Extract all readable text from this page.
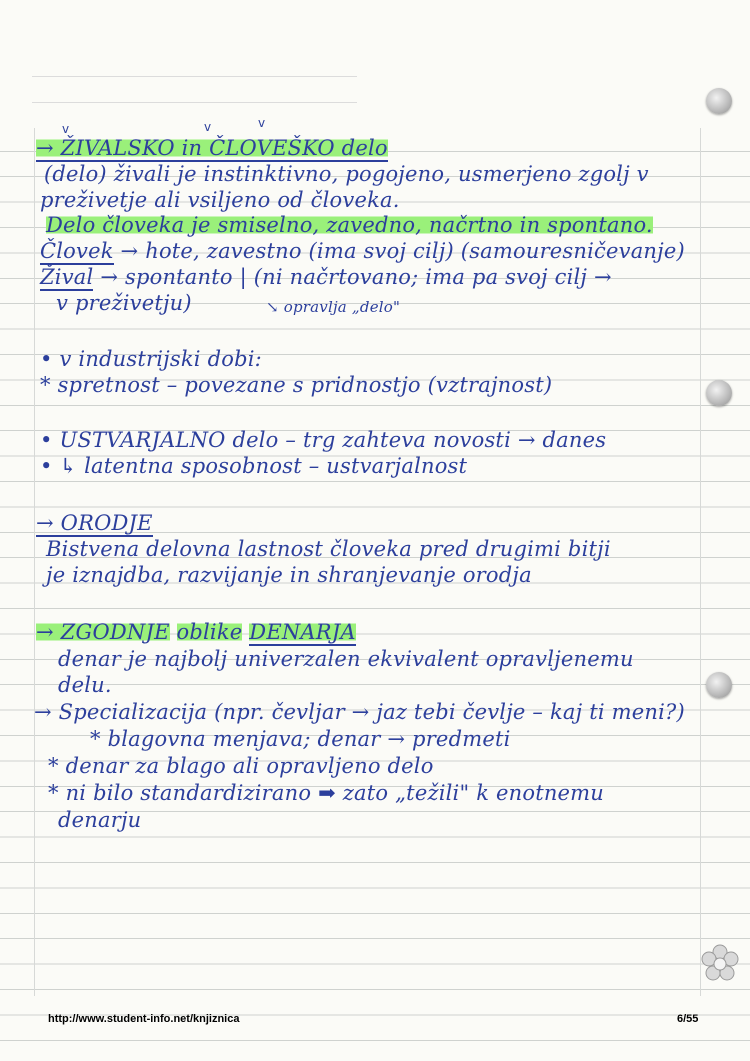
v	v	v
→ ŽIVALSKO in ČLOVEŠKO delo
(delo) živali je instinktivno, pogojeno, usmerjeno zgolj v
preživetje ali vsiljeno od človeka.
Delo človeka je smiselno, zavedno, načrtno in spontano.
Človek → hote, zavestno (ima svoj cilj) (samouresničevanje)
Žival → spontanto | (ni načrtovano; ima pa svoj cilj →
v preživetju)	↘ opravlja „delo"
• v industrijski dobi:
* spretnost – povezane s pridnostjo (vztrajnost)
• USTVARJALNO delo – trg zahteva novosti → danes
• ↳ latentna sposobnost – ustvarjalnost
→ ORODJE
Bistvena delovna lastnost človeka pred drugimi bitji
je iznajdba, razvijanje in shranjevanje orodja
→ ZGODNJE oblike DENARJA
denar je najbolj univerzalen ekvivalent opravljenemu
delu.
→ Specializacija (npr. čevljar → jaz tebi čevlje – kaj ti meni?)
* blagovna menjava; denar → predmeti
* denar za blago ali opravljeno delo
* ni bilo standardizirano ➡ zato „težili" k enotnemu
denarju
http://www.student-info.net/knjiznica	6/55
